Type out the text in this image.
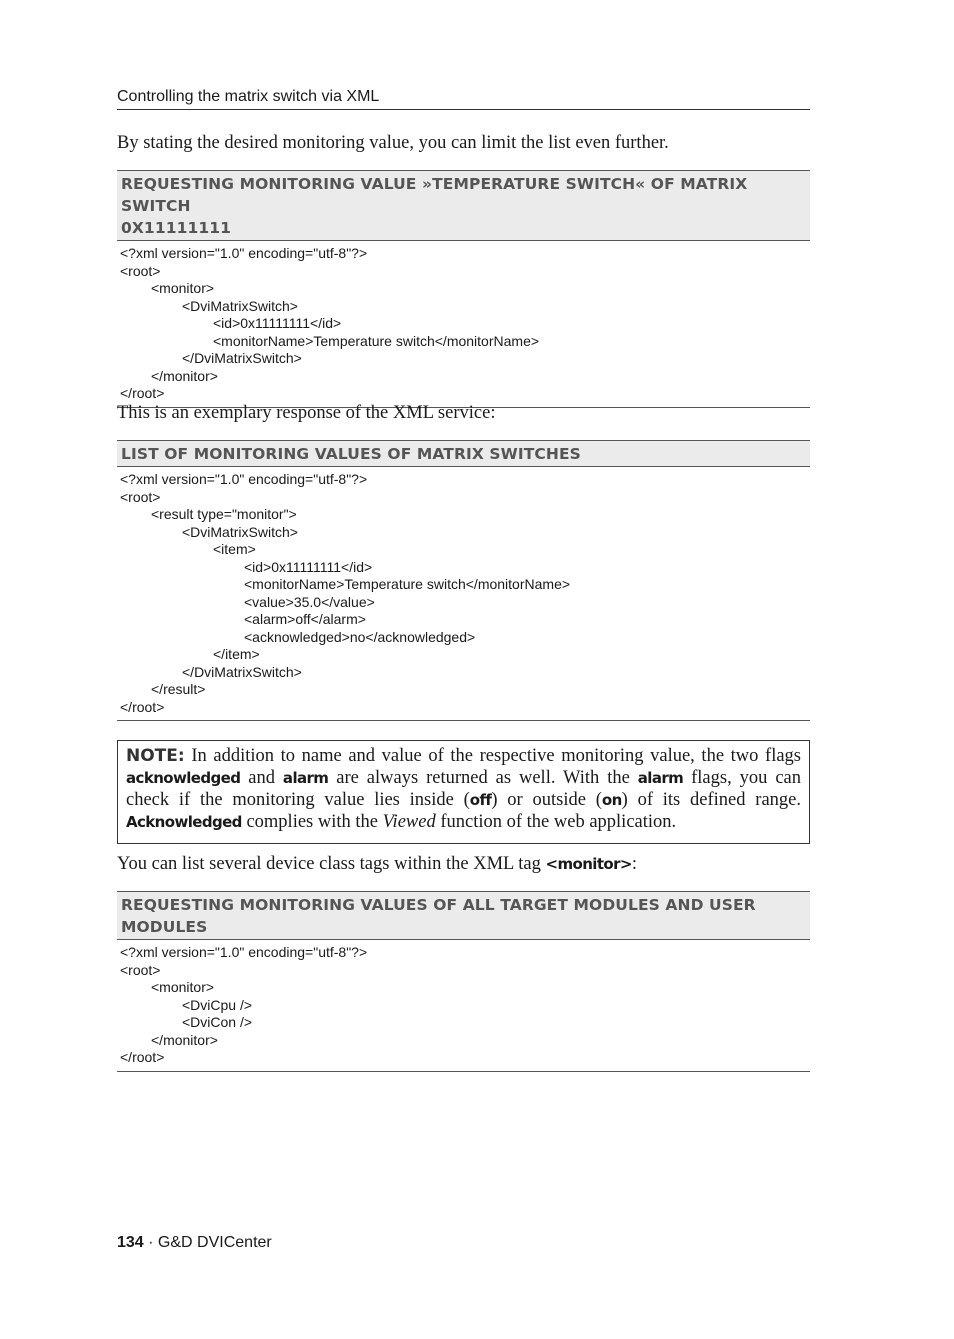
Controlling the matrix switch via XML
By stating the desired monitoring value, you can limit the list even further.
REQUESTING MONITORING VALUE »TEMPERATURE SWITCH« OF MATRIX SWITCH
0X11111111
<?xml version="1.0" encoding="utf-8"?>
<root>
<monitor>
<DviMatrixSwitch>
<id>0x11111111</id>
<monitorName>Temperature switch</monitorName>
</DviMatrixSwitch>
</monitor>
</root>
This is an exemplary response of the XML service:
LIST OF MONITORING VALUES OF MATRIX SWITCHES
<?xml version="1.0" encoding="utf-8"?>
<root>
<result type="monitor">
<DviMatrixSwitch>
<item>
<id>0x11111111</id>
<monitorName>Temperature switch</monitorName>
<value>35.0</value>
<alarm>off</alarm>
<acknowledged>no</acknowledged>
</item>
</DviMatrixSwitch>
</result>
</root>
NOTE: In addition to name and value of the respective monitoring value, the two flags acknowledged and alarm are always returned as well. With the alarm flags, you can check if the monitoring value lies inside (off) or outside (on) of its defined range. Acknowledged complies with the Viewed function of the web application.
You can list several device class tags within the XML tag <monitor>:
REQUESTING MONITORING VALUES OF ALL TARGET MODULES AND USER MODULES
<?xml version="1.0" encoding="utf-8"?>
<root>
<monitor>
<DviCpu />
<DviCon />
</monitor>
</root>
134 · G&D DVICenter
